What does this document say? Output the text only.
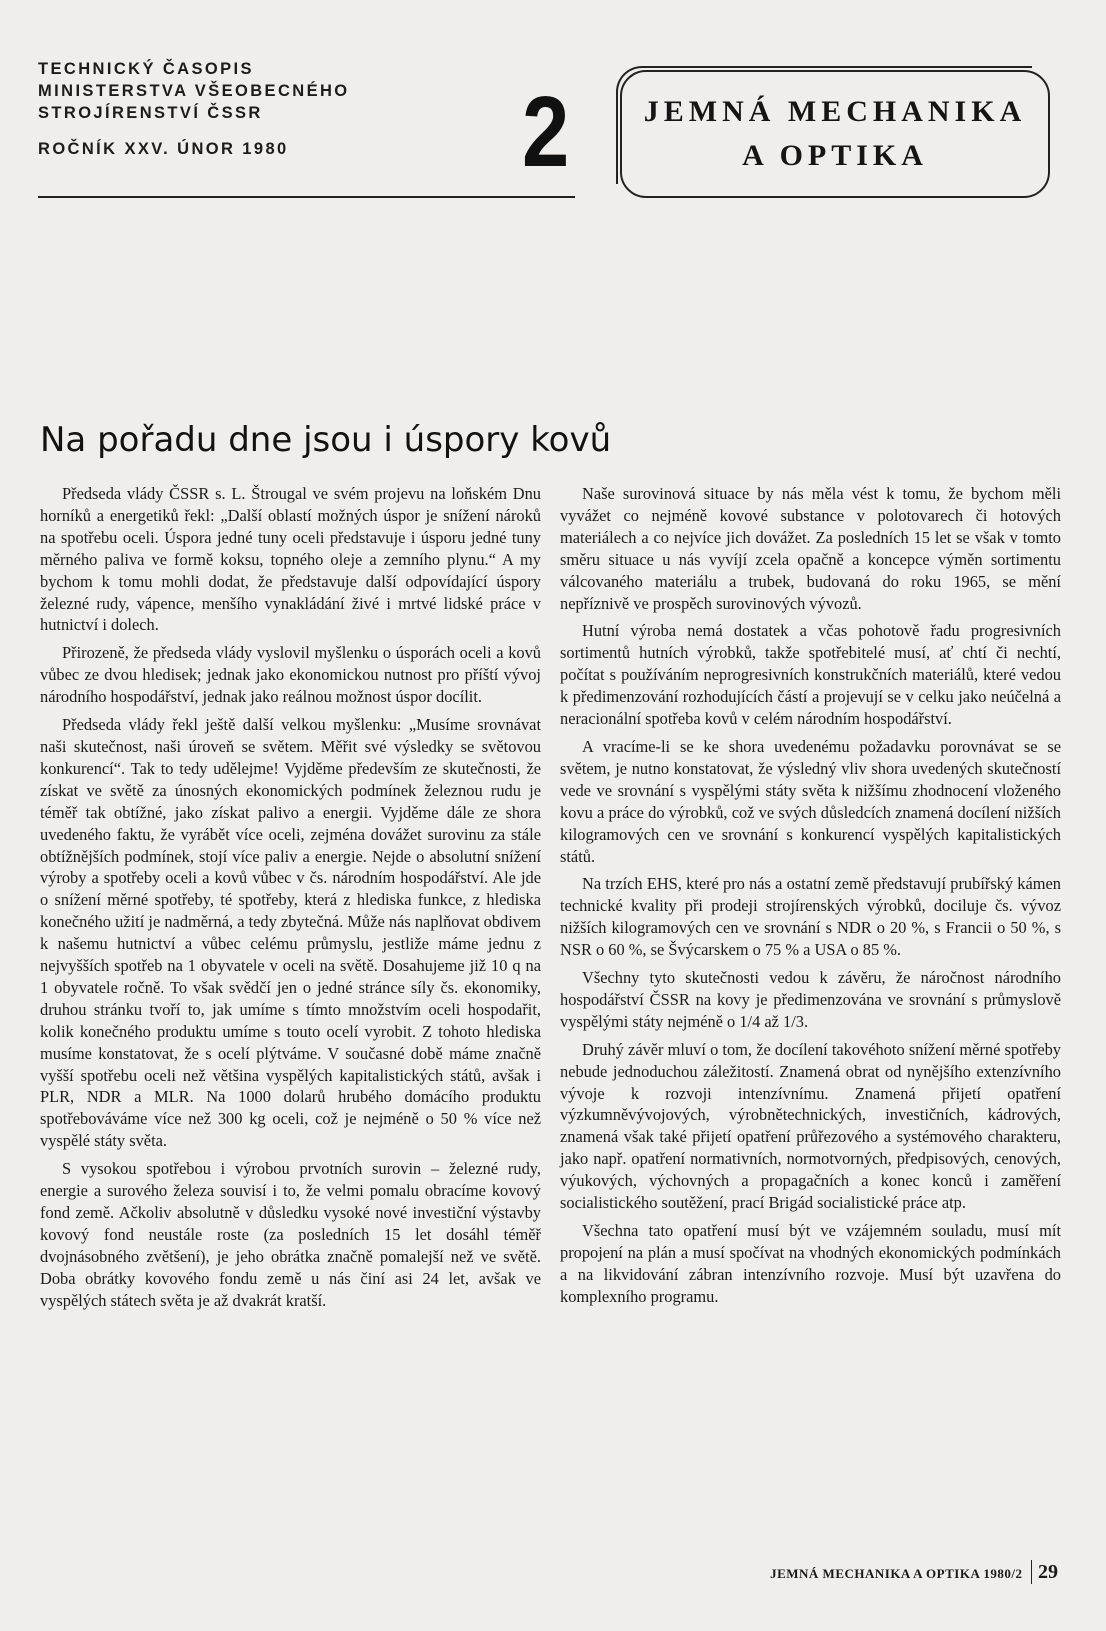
TECHNICKÝ ČASOPIS
MINISTERSTVA VŠEOBECNÉHO
STROJÍRENSTVÍ ČSSR
ROČNÍK XXV. ÚNOR 1980 2	JEMNÁ MECHANIKA
A OPTIKA
Na pořadu dne jsou i úspory kovů

Předseda vlády ČSSR s. L. Štrougal ve svém projevu na loňském Dnu horníků a energetiků řekl: „Další oblastí možných úspor je snížení nároků na spotřebu oceli. Úspora jedné tuny oceli představuje i úsporu jedné tuny měrného paliva ve formě koksu, topného oleje a zemního plynu.“ A my bychom k tomu mohli dodat, že představuje další odpovídající úspory železné rudy, vápence, menšího vynakládání živé i mrtvé lidské práce v hutnictví i dolech.

Přirozeně, že předseda vlády vyslovil myšlenku o úsporách oceli a kovů vůbec ze dvou hledisek; jednak jako ekonomickou nutnost pro příští vývoj národního hospodářství, jednak jako reálnou možnost úspor docílit.

Předseda vlády řekl ještě další velkou myšlenku: „Musíme srovnávat naši skutečnost, naši úroveň se světem. Měřit své výsledky se světovou konkurencí“. Tak to tedy udělejme! Vyjděme především ze skutečnosti, že získat ve světě za únosných ekonomických podmínek železnou rudu je téměř tak obtížné, jako získat palivo a energii. Vyjděme dále ze shora uvedeného faktu, že vyrábět více oceli, zejména dovážet surovinu za stále obtížnějších podmínek, stojí více paliv a energie. Nejde o absolutní snížení výroby a spotřeby oceli a kovů vůbec v čs. národním hospodářství. Ale jde o snížení měrné spotřeby, té spotřeby, která z hlediska funkce, z hlediska konečného užití je nadměrná, a tedy zbytečná. Může nás naplňovat obdivem k našemu hutnictví a vůbec celému průmyslu, jestliže máme jednu z nejvyšších spotřeb na 1 obyvatele v oceli na světě. Dosahujeme již 10 q na 1 obyvatele ročně. To však svědčí jen o jedné stránce síly čs. ekonomiky, druhou stránku tvoří to, jak umíme s tímto množstvím oceli hospodařit, kolik konečného produktu umíme s touto ocelí vyrobit. Z tohoto hlediska musíme konstatovat, že s ocelí plýtváme. V současné době máme značně vyšší spotřebu oceli než většina vyspělých kapitalistických států, avšak i PLR, NDR a MLR. Na 1000 dolarů hrubého domácího produktu spotřebováváme více než 300 kg oceli, což je nejméně o 50 % více než vyspělé státy světa.

S vysokou spotřebou i výrobou prvotních surovin – železné rudy, energie a surového železa souvisí i to, že velmi pomalu obracíme kovový fond země. Ačkoliv absolutně v důsledku vysoké nové investiční výstavby kovový fond neustále roste (za posledních 15 let dosáhl téměř dvojnásobného zvětšení), je jeho obrátka značně pomalejší než ve světě. Doba obrátky kovového fondu země u nás činí asi 24 let, avšak ve vyspělých státech světa je až dvakrát kratší.

Naše surovinová situace by nás měla vést k tomu, že bychom měli vyvážet co nejméně kovové substance v polotovarech či hotových materiálech a co nejvíce jich dovážet. Za posledních 15 let se však v tomto směru situace u nás vyvíjí zcela opačně a koncepce výměn sortimentu válcovaného materiálu a trubek, budovaná do roku 1965, se mění nepříznivě ve prospěch surovinových vývozů.

Hutní výroba nemá dostatek a včas pohotově řadu progresivních sortimentů hutních výrobků, takže spotřebitelé musí, ať chtí či nechtí, počítat s používáním neprogresivních konstrukčních materiálů, které vedou k předimenzování rozhodujících částí a projevují se v celku jako neúčelná a neracionální spotřeba kovů v celém národním hospodářství.

A vracíme-li se ke shora uvedenému požadavku porovnávat se se světem, je nutno konstatovat, že výsledný vliv shora uvedených skutečností vede ve srovnání s vyspělými státy světa k nižšímu zhodnocení vloženého kovu a práce do výrobků, což ve svých důsledcích znamená docílení nižších kilogramových cen ve srovnání s konkurencí vyspělých kapitalistických států.

Na trzích EHS, které pro nás a ostatní země představují prubířský kámen technické kvality při prodeji strojírenských výrobků, dociluje čs. vývoz nižších kilogramových cen ve srovnání s NDR o 20 %, s Francii o 50 %, s NSR o 60 %, se Švýcarskem o 75 % a USA o 85 %.

Všechny tyto skutečnosti vedou k závěru, že náročnost národního hospodářství ČSSR na kovy je předimenzována ve srovnání s průmyslově vyspělými státy nejméně o 1/4 až 1/3.

Druhý závěr mluví o tom, že docílení takovéhoto snížení měrné spotřeby nebude jednoduchou záležitostí. Znamená obrat od nynějšího extenzívního vývoje k rozvoji intenzívnímu. Znamená přijetí opatření výzkumněvývojových, výrobnětechnických, investičních, kádrových, znamená však také přijetí opatření průřezového a systémového charakteru, jako např. opatření normativních, normotvorných, předpisových, cenových, výukových, výchovných a propagačních a konec konců i zaměření socialistického soutěžení, prací Brigád socialistické práce atp.

Všechna tato opatření musí být ve vzájemném souladu, musí mít propojení na plán a musí spočívat na vhodných ekonomických podmínkách a na likvidování zábran intenzívního rozvoje. Musí být uzavřena do komplexního programu.

JEMNÁ MECHANIKA A OPTIKA 1980/2 29
